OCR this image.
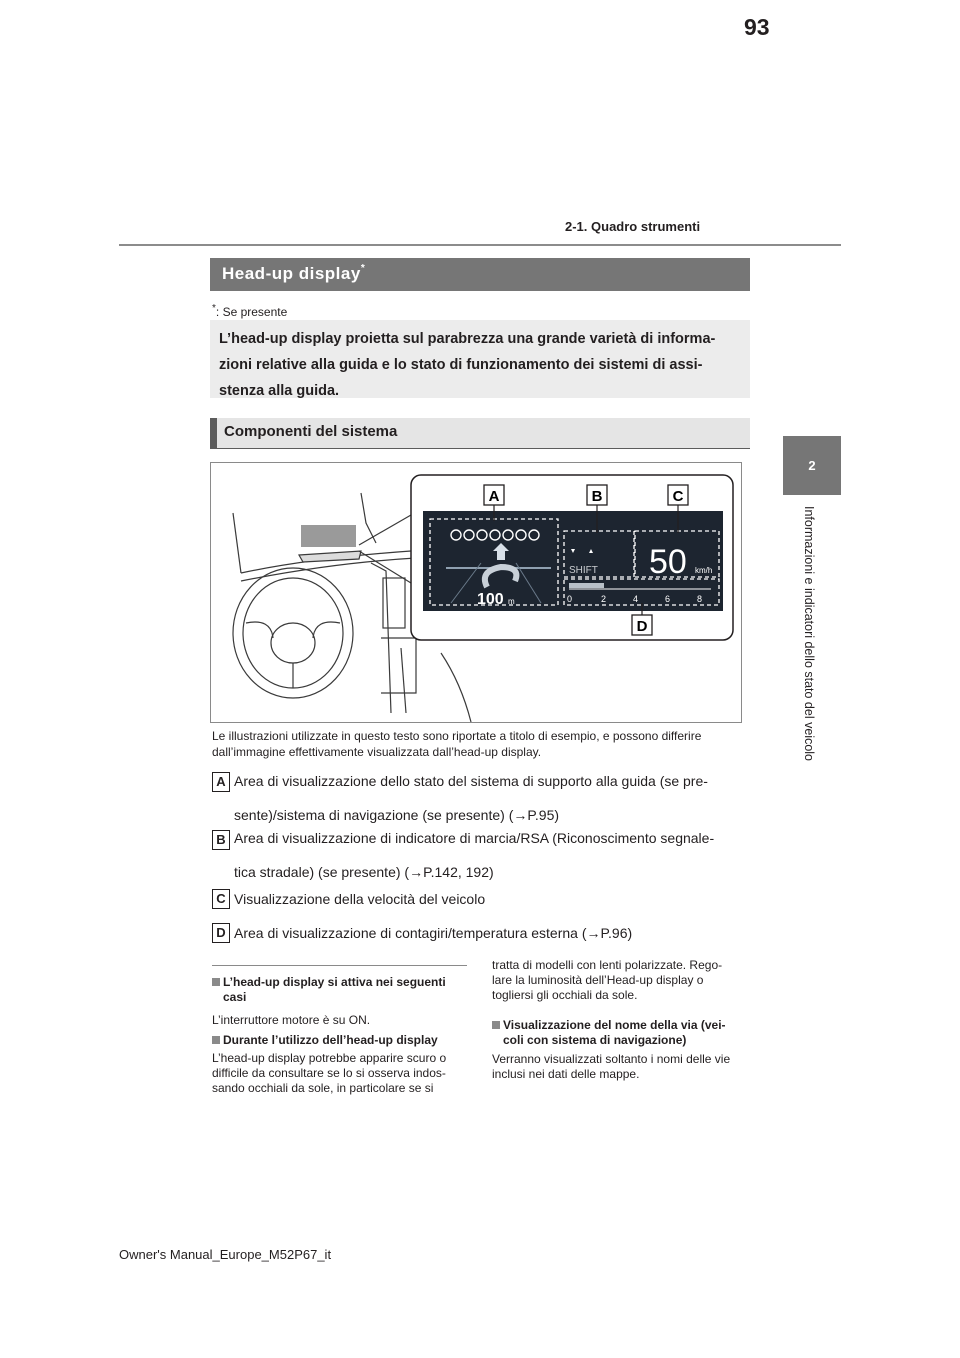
93
2-1. Quadro strumenti
2
Informazioni e indicatori dello stato del veicolo
Head-up display*
*: Se presente

L’head-up display proietta sul parabrezza una grande varietà di informa-
zioni relative alla guida e lo stato di funzionamento dei sistemi di assi-
stenza alla guida.

Componenti del sistema
100 m
SHIFT 50 km/h
0	2	4	6	8
A	B	C
D
Le illustrazioni utilizzate in questo testo sono riportate a titolo di esempio, e possono differire
dall’immagine effettivamente visualizzata dall’head-up display.
A Area di visualizzazione dello stato del sistema di supporto alla guida (se pre-
sente)/sistema di navigazione (se presente) (→P.95)
B Area di visualizzazione di indicatore di marcia/RSA (Riconoscimento segnale-
tica stradale) (se presente) (→P.142, 192)
C Visualizzazione della velocità del veicolo
D Area di visualizzazione di contagiri/temperatura esterna (→P.96)
L’head-up display si attiva nei seguenti
casi
L’interruttore motore è su ON.
Durante l’utilizzo dell’head-up display
L’head-up display potrebbe apparire scuro o
difficile da consultare se lo si osserva indos-
sando occhiali da sole, in particolare se si
tratta di modelli con lenti polarizzate. Rego-
lare la luminosità dell’Head-up display o
togliersi gli occhiali da sole.
Visualizzazione del nome della via (vei-
coli con sistema di navigazione)
Verranno visualizzati soltanto i nomi delle vie
inclusi nei dati delle mappe.
Owner's Manual_Europe_M52P67_it
